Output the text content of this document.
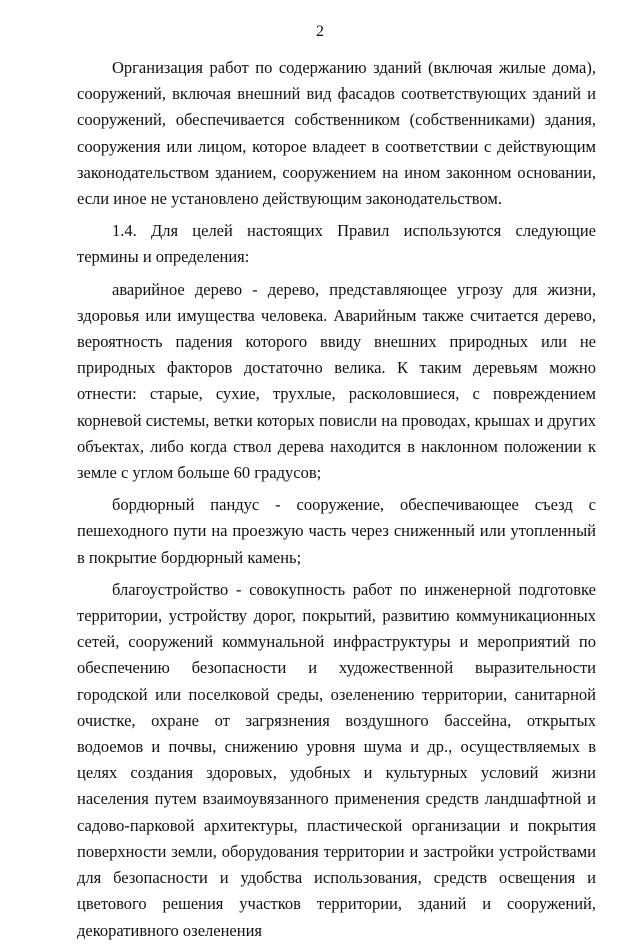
2

Организация работ по содержанию зданий (включая жилые дома), сооружений, включая внешний вид фасадов соответствующих зданий и сооружений, обеспечивается собственником (собственниками) здания, сооружения или лицом, которое владеет в соответствии с действующим законодательством зданием, сооружением на ином законном основании, если иное не установлено действующим законодательством.

1.4. Для целей настоящих Правил используются следующие термины и определения:

аварийное дерево - дерево, представляющее угрозу для жизни, здоровья или имущества человека. Аварийным также считается дерево, вероятность падения которого ввиду внешних природных или не природных факторов достаточно велика. К таким деревьям можно отнести: старые, сухие, трухлые, расколовшиеся, с повреждением корневой системы, ветки которых повисли на проводах, крышах и других объектах, либо когда ствол дерева находится в наклонном положении к земле с углом больше 60 градусов;

бордюрный пандус - сооружение, обеспечивающее съезд с пешеходного пути на проезжую часть через сниженный или утопленный в покрытие бордюрный камень;

благоустройство - совокупность работ по инженерной подготовке территории, устройству дорог, покрытий, развитию коммуникационных сетей, сооружений коммунальной инфраструктуры и мероприятий по обеспечению безопасности и художественной выразительности городской или поселковой среды, озеленению территории, санитарной очистке, охране от загрязнения воздушного бассейна, открытых водоемов и почвы, снижению уровня шума и др., осуществляемых в целях создания здоровых, удобных и культурных условий жизни населения путем взаимоувязанного применения средств ландшафтной и садово-парковой архитектуры, пластической организации и покрытия поверхности земли, оборудования территории и застройки устройствами для безопасности и удобства использования, средств освещения и цветового решения участков территории, зданий и сооружений, декоративного озеленения
